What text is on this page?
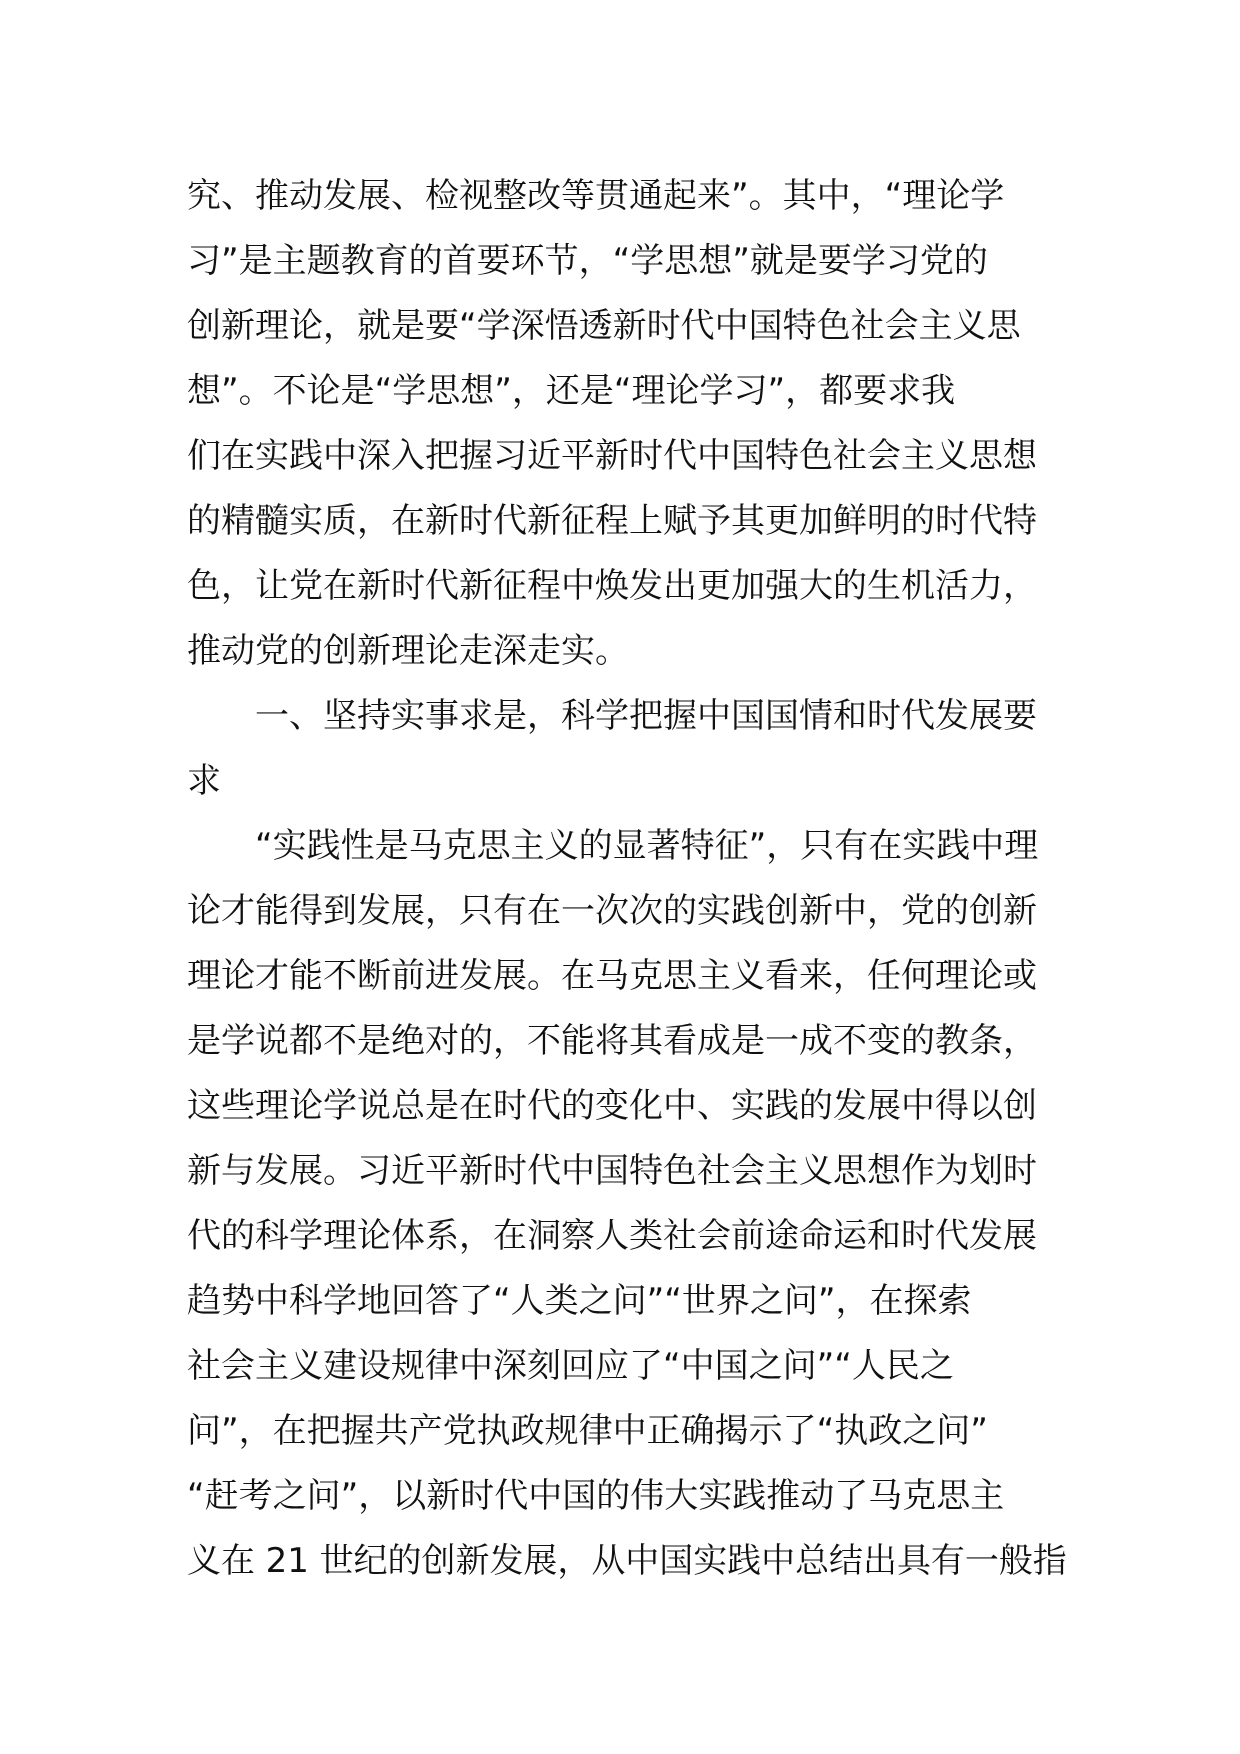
究、推动发展、检视整改等贯通起来”。其中，“理论学
习”是主题教育的首要环节，“学思想”就是要学习党的
创新理论，就是要“学深悟透新时代中国特色社会主义思
想”。不论是“学思想”，还是“理论学习”，都要求我
们在实践中深入把握习近平新时代中国特色社会主义思想
的精髓实质，在新时代新征程上赋予其更加鲜明的时代特
色，让党在新时代新征程中焕发出更加强大的生机活力，
推动党的创新理论走深走实。
一、坚持实事求是，科学把握中国国情和时代发展要
求
“实践性是马克思主义的显著特征”，只有在实践中理
论才能得到发展，只有在一次次的实践创新中，党的创新
理论才能不断前进发展。在马克思主义看来，任何理论或
是学说都不是绝对的，不能将其看成是一成不变的教条，
这些理论学说总是在时代的变化中、实践的发展中得以创
新与发展。习近平新时代中国特色社会主义思想作为划时
代的科学理论体系，在洞察人类社会前途命运和时代发展
趋势中科学地回答了“人类之问”“世界之问”，在探索
社会主义建设规律中深刻回应了“中国之问”“人民之
问”，在把握共产党执政规律中正确揭示了“执政之问”
“赶考之问”，以新时代中国的伟大实践推动了马克思主
义在 21 世纪的创新发展，从中国实践中总结出具有一般指
